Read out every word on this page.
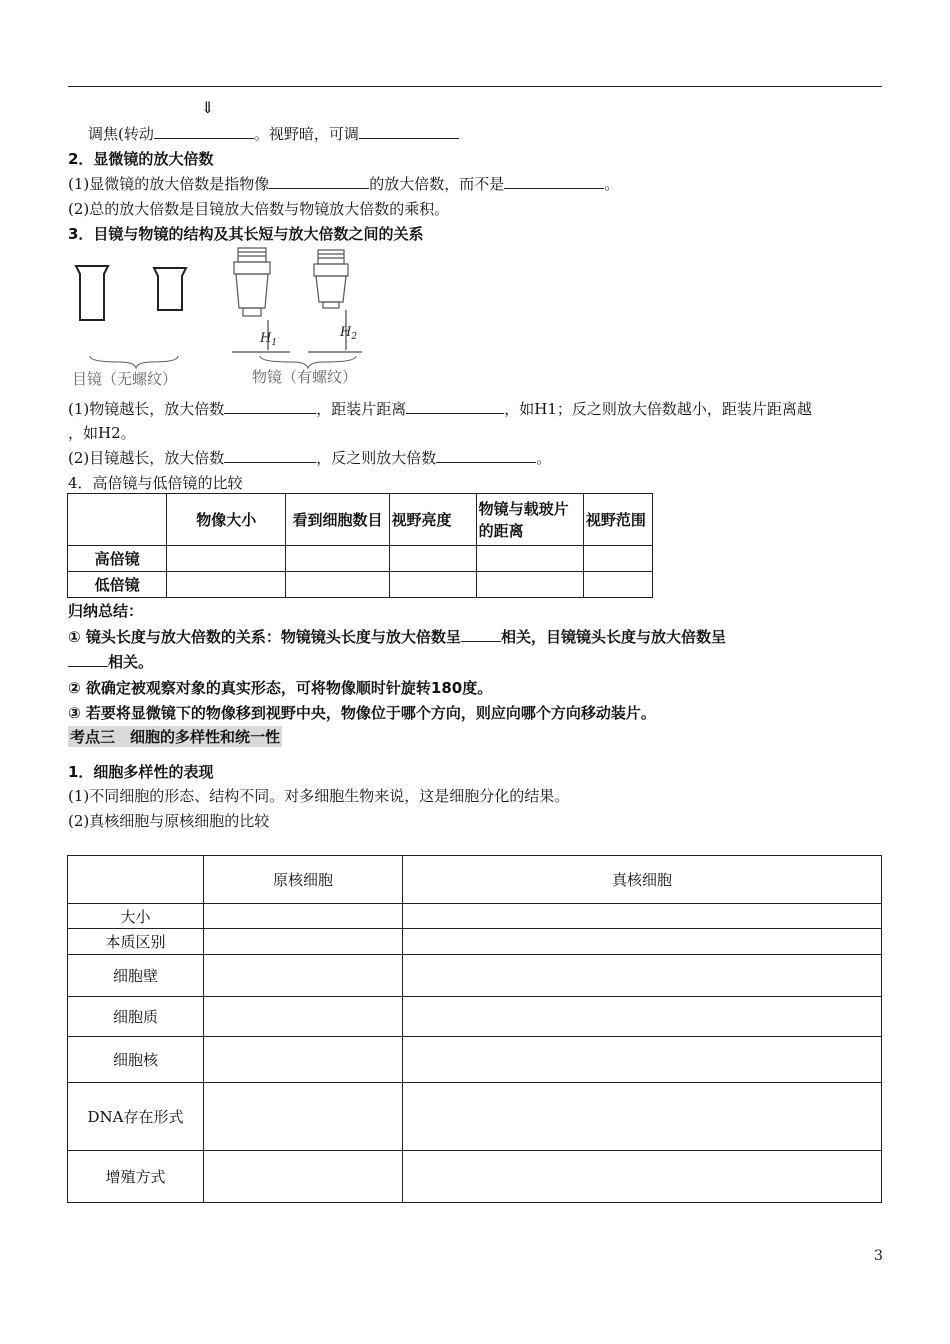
⇓
调焦(转动	。视野暗，可调
2．显微镜的放大倍数
(1)显微镜的放大倍数是指物像	的放大倍数，而不是	。
(2)总的放大倍数是目镜放大倍数与物镜放大倍数的乘积。
3．目镜与物镜的结构及其长短与放大倍数之间的关系
$H_1$
$H_2$
目镜（无螺纹）	物镜（有螺纹）
(1)物镜越长，放大倍数	，距装片距离	，如H1；反之则放大倍数越小，距装片距离越
，如H2。
(2)目镜越长，放大倍数	，反之则放大倍数	。
4．高倍镜与低倍镜的比较
	物像大小	看到细胞数目	视野亮度	物镜与载玻片的距离	视野范围
高倍镜					
低倍镜					
归纳总结：
① 镜头长度与放大倍数的关系：物镜镜头长度与放大倍数呈	相关，目镜镜头长度与放大倍数呈
相关。
② 欲确定被观察对象的真实形态，可将物像顺时针旋转180度。
③ 若要将显微镜下的物像移到视野中央，物像位于哪个方向，则应向哪个方向移动装片。
考点三　细胞的多样性和统一性
1．细胞多样性的表现
(1)不同细胞的形态、结构不同。对多细胞生物来说，这是细胞分化的结果。
(2)真核细胞与原核细胞的比较
	原核细胞	真核细胞
大小		
本质区别		
细胞壁		
细胞质		
细胞核		
DNA存在形式		
增殖方式		
3
